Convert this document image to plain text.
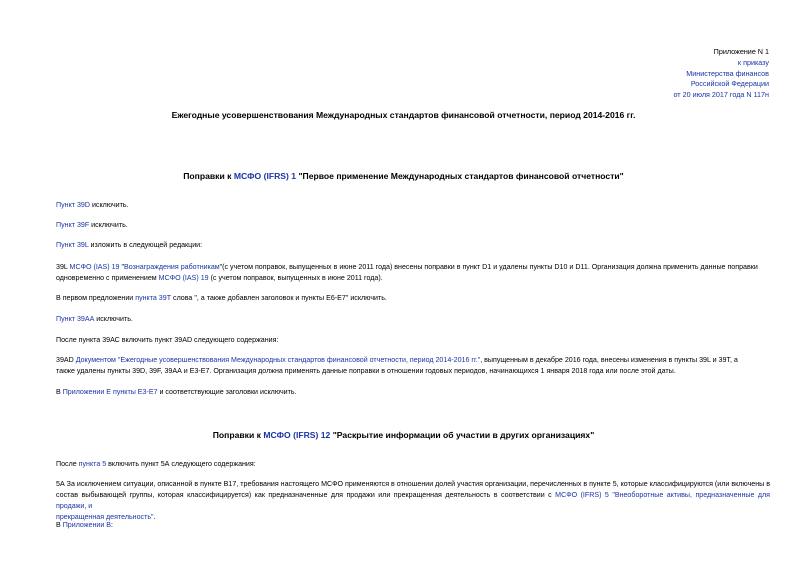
Приложение N 1
к приказу
Министерства финансов
Российской Федерации
от 20 июля 2017 года N 117н
Ежегодные усовершенствования Международных стандартов финансовой отчетности, период 2014-2016 гг.
Поправки к МСФО (IFRS) 1 "Первое применение Международных стандартов финансовой отчетности"
Пункт 39D исключить.
Пункт 39F исключить.
Пункт 39L изложить в следующей редакции:
39L МСФО (IAS) 19 "Вознаграждения работникам"(с учетом поправок, выпущенных в июне 2011 года) внесены поправки в пункт D1 и удалены пункты D10 и D11. Организация должна применить данные поправки
одновременно с применением МСФО (IAS) 19 (с учетом поправок, выпущенных в июне 2011 года).
В первом предложении пункта 39Т слова ", а также добавлен заголовок и пункты Е6-Е7" исключить.
Пункт 39АА исключить.
После пункта 39АС включить пункт 39AD следующего содержания:
39AD Документом "Ежегодные усовершенствования Международных стандартов финансовой отчетности, период 2014-2016 гг.", выпущенным в декабре 2016 года, внесены изменения в пункты 39L и 39Т, а
также удалены пункты 39D, 39F, 39АА и Е3-Е7. Организация должна применять данные поправки в отношении годовых периодов, начинающихся 1 января 2018 года или после этой даты.
В Приложении Е пункты Е3-Е7 и соответствующие заголовки исключить.
Поправки к МСФО (IFRS) 12 "Раскрытие информации об участии в других организациях"
После пункта 5 включить пункт 5А следующего содержания:
5А За исключением ситуации, описанной в пункте В17, требования настоящего МСФО применяются в отношении долей участия организации, перечисленных в пункте 5, которые классифицируются (или включены в состав выбывающей группы, которая классифицируется) как предназначенные для продажи или прекращенная деятельность в соответствии с МСФО (IFRS) 5 "Внеоборотные активы, предназначенные для продажи, и
прекращенная деятельность".
В Приложении В:
